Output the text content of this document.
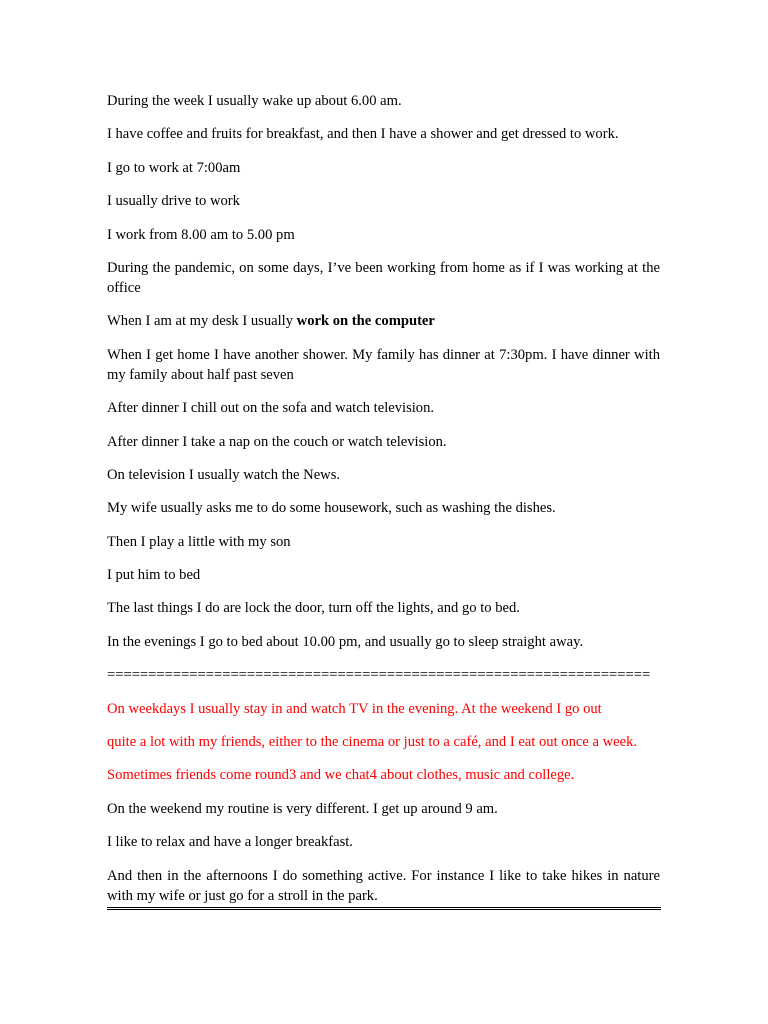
During the week I usually wake up about 6.00 am.

I have coffee and fruits for breakfast, and then I have a shower and get dressed to work.

I go to work at 7:00am

I usually drive to work

I work from 8.00 am to 5.00 pm

During the pandemic, on some days, I’ve been working from home as if I was working at the office

When I am at my desk I usually work on the computer

When I get home I have another shower. My family has dinner at 7:30pm. I have dinner with my family about half past seven

After dinner I chill out on the sofa and watch television.

After dinner I take a nap on the couch or watch television.

On television I usually watch the News.

My wife usually asks me to do some housework, such as washing the dishes.

Then I play a little with my son

I put him to bed

The last things I do are lock the door, turn off the lights, and go to bed.

In the evenings I go to bed about 10.00 pm, and usually go to sleep straight away.

==================================================================

On weekdays I usually stay in and watch TV in the evening. At the weekend I go out

quite a lot with my friends, either to the cinema or just to a café, and I eat out once a week.

Sometimes friends come round3 and we chat4 about clothes, music and college.

On the weekend my routine is very different. I get up around 9 am.

I like to relax and have a longer breakfast.

And then in the afternoons I do something active. For instance I like to take hikes in nature with my wife or just go for a stroll in the park.
